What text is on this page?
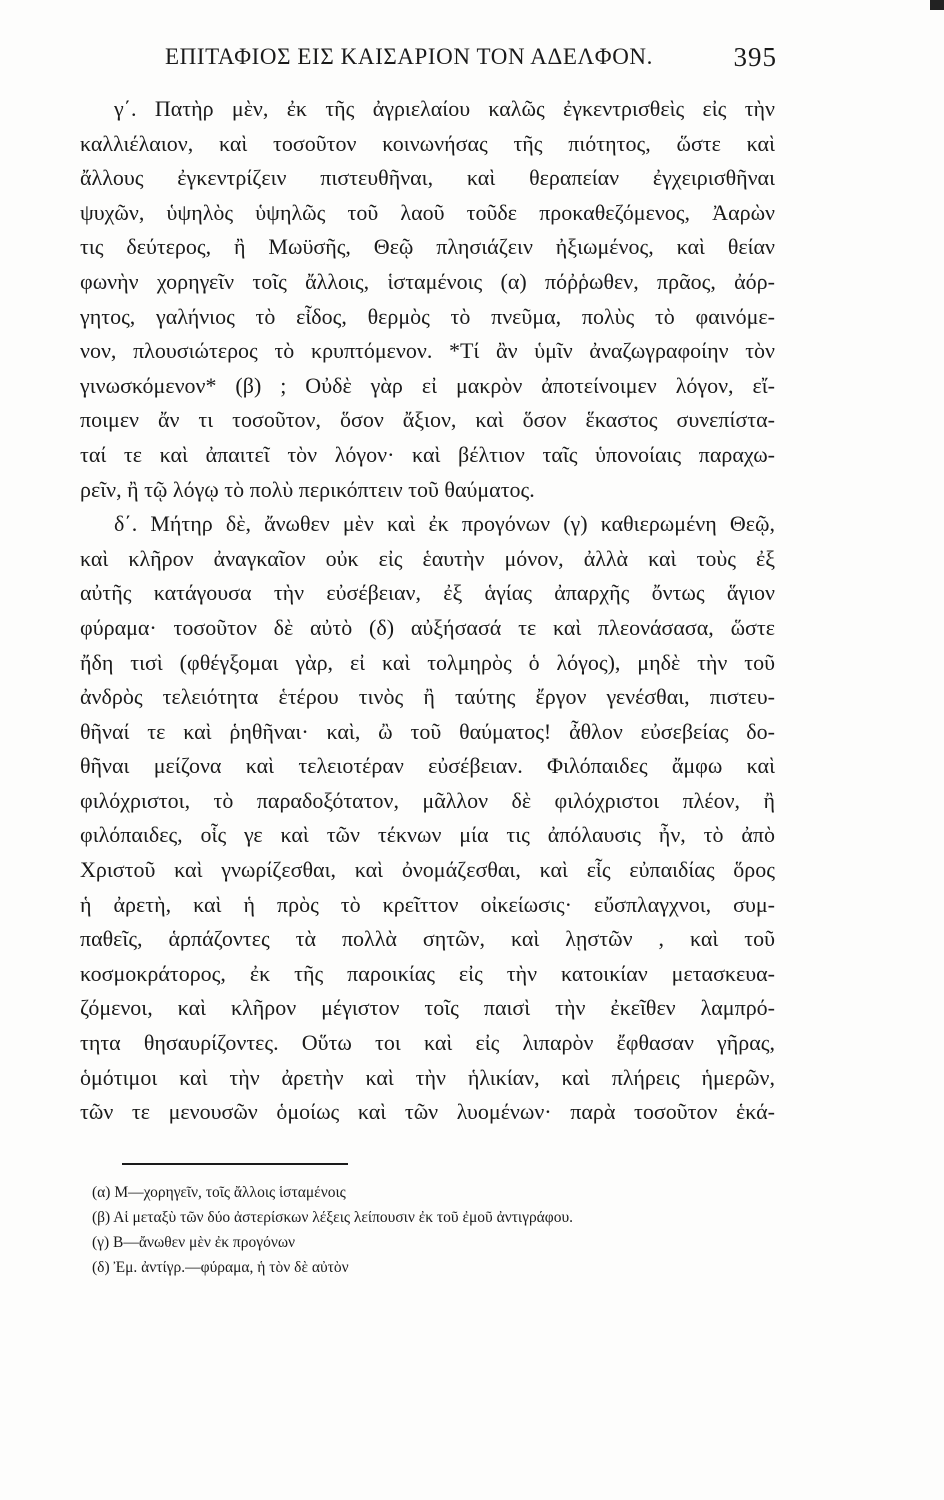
ΕΠΙΤΑΦΙΟΣ ΕΙΣ ΚΑΙΣΑΡΙΟΝ ΤΟΝ ΑΔΕΛΦΟΝ.	395
γ΄. Πατὴρ μὲν, ἐκ τῆς ἀγριελαίου καλῶς ἐγκεντρισθεὶς εἰς τὴν
καλλιέλαιον, καὶ τοσοῦτον κοινωνήσας τῆς πιότητος, ὥστε καὶ
ἄλλους ἐγκεντρίζειν πιστευθῆναι, καὶ θεραπείαν ἐγχειρισθῆναι
ψυχῶν, ὑψηλὸς ὑψηλῶς τοῦ λαοῦ τοῦδε προκαθεζόμενος, Ἀαρὼν
τις δεύτερος, ἢ Μωϋσῆς, Θεῷ πλησιάζειν ἠξιωμένος, καὶ θείαν
φωνὴν χορηγεῖν τοῖς ἄλλοις, ἱσταμένοις (α) πόῤῥωθεν, πρᾶος, ἀόρ-
γητος, γαλήνιος τὸ εἶδος, θερμὸς τὸ πνεῦμα, πολὺς τὸ φαινόμε-
νον, πλουσιώτερος τὸ κρυπτόμενον. *Τί ἂν ὑμῖν ἀναζωγραφοίην τὸν
γινωσκόμενον* (β) ; Οὐδὲ γὰρ εἰ μακρὸν ἀποτείνοιμεν λόγον, εἴ-
ποιμεν ἄν τι τοσοῦτον, ὅσον ἄξιον, καὶ ὅσον ἕκαστος συνεπίστα-
ταί τε καὶ ἀπαιτεῖ τὸν λόγον· καὶ βέλτιον ταῖς ὑπονοίαις παραχω-
ρεῖν, ἢ τῷ λόγῳ τὸ πολὺ περικόπτειν τοῦ θαύματος.
δ΄. Μήτηρ δὲ, ἄνωθεν μὲν καὶ ἐκ προγόνων (γ) καθιερωμένη Θεῷ,
καὶ κλῆρον ἀναγκαῖον οὐκ εἰς ἑαυτὴν μόνον, ἀλλὰ καὶ τοὺς ἐξ
αὐτῆς κατάγουσα τὴν εὐσέβειαν, ἐξ ἁγίας ἀπαρχῆς ὄντως ἅγιον
φύραμα· τοσοῦτον δὲ αὐτὸ (δ) αὐξήσασά τε καὶ πλεονάσασα, ὥστε
ἤδη τισὶ (φθέγξομαι γὰρ, εἰ καὶ τολμηρὸς ὁ λόγος), μηδὲ τὴν τοῦ
ἀνδρὸς τελειότητα ἑτέρου τινὸς ἢ ταύτης ἔργον γενέσθαι, πιστευ-
θῆναί τε καὶ ῥηθῆναι· καὶ, ὢ τοῦ θαύματος! ἆθλον εὐσεβείας δο-
θῆναι μείζονα καὶ τελειοτέραν εὐσέβειαν. Φιλόπαιδες ἄμφω καὶ
φιλόχριστοι, τὸ παραδοξότατον, μᾶλλον δὲ φιλόχριστοι πλέον, ἢ
φιλόπαιδες, οἷς γε καὶ τῶν τέκνων μία τις ἀπόλαυσις ἦν, τὸ ἀπὸ
Χριστοῦ καὶ γνωρίζεσθαι, καὶ ὀνομάζεσθαι, καὶ εἷς εὐπαιδίας ὅρος
ἡ ἀρετὴ, καὶ ἡ πρὸς τὸ κρεῖττον οἰκείωσις· εὔσπλαγχνοι, συμ-
παθεῖς, ἁρπάζοντες τὰ πολλὰ σητῶν, καὶ λῃστῶν , καὶ τοῦ
κοσμοκράτορος, ἐκ τῆς παροικίας εἰς τὴν κατοικίαν μετασκευα-
ζόμενοι, καὶ κλῆρον μέγιστον τοῖς παισὶ τὴν ἐκεῖθεν λαμπρό-
τητα θησαυρίζοντες. Οὕτω τοι καὶ εἰς λιπαρὸν ἔφθασαν γῆρας,
ὁμότιμοι καὶ τὴν ἀρετὴν καὶ τὴν ἡλικίαν, καὶ πλήρεις ἡμερῶν,
τῶν τε μενουσῶν ὁμοίως καὶ τῶν λυομένων· παρὰ τοσοῦτον ἑκά-
(α) Μ—χορηγεῖν, τοῖς ἄλλοις ἱσταμένοις
(β) Αἱ μεταξὺ τῶν δύο ἀστερίσκων λέξεις λείπουσιν ἐκ τοῦ ἐμοῦ ἀντιγράφου.
(γ) Β—ἄνωθεν μὲν ἐκ προγόνων
(δ) Ἐμ. ἀντίγρ.—φύραμα, ἡ τὸν δὲ αὐτὸν
